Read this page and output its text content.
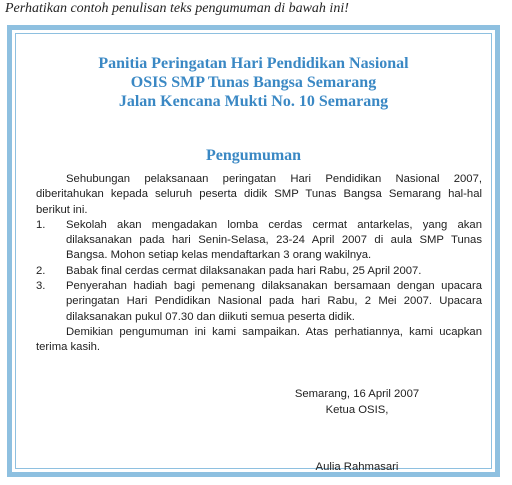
Perhatikan contoh penulisan teks pengumuman di bawah ini!
Panitia Peringatan Hari Pendidikan Nasional
OSIS SMP Tunas Bangsa Semarang
Jalan Kencana Mukti No. 10 Semarang
Pengumuman

Sehubungan pelaksanaan peringatan Hari Pendidikan Nasional 2007, diberitahukan kepada seluruh peserta didik SMP Tunas Bangsa Semarang hal-hal berikut ini.

1.	Sekolah akan mengadakan lomba cerdas cermat antarkelas, yang akan dilaksanakan pada hari Senin-Selasa, 23-24 April 2007 di aula SMP Tunas Bangsa. Mohon setiap kelas mendaftarkan 3 orang wakilnya.
2.	Babak final cerdas cermat dilaksanakan pada hari Rabu, 25 April 2007.
3.	Penyerahan hadiah bagi pemenang dilaksanakan bersamaan dengan upacara peringatan Hari Pendidikan Nasional pada hari Rabu, 2 Mei 2007. Upacara dilaksanakan pukul 07.30 dan diikuti semua peserta didik.

Demikian pengumuman ini kami sampaikan. Atas perhatiannya, kami ucapkan terima kasih.

Semarang, 16 April 2007
Ketua OSIS,
Aulia Rahmasari
